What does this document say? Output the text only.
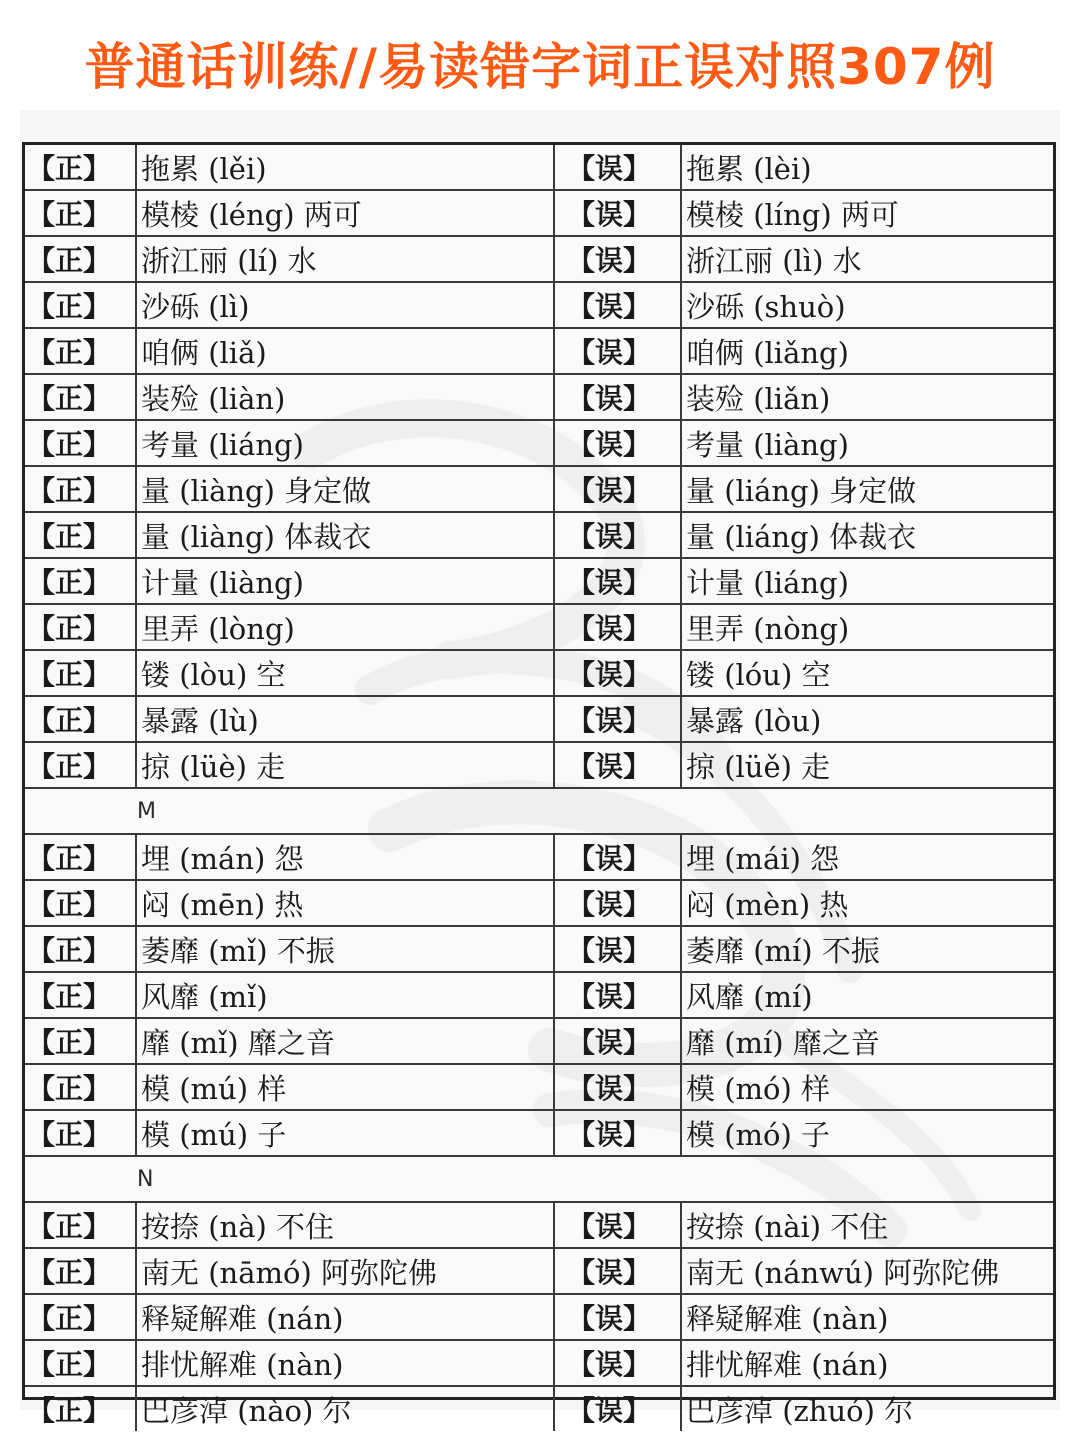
普通话训练//易读错字词正误对照307例
【正】	拖累 (lěi)	【误】	拖累 (lèi)
【正】	模棱 (léng) 两可	【误】	模棱 (líng) 两可
【正】	浙江丽 (lí) 水	【误】	浙江丽 (lì) 水
【正】	沙砾 (lì)	【误】	沙砾 (shuò)
【正】	咱俩 (liǎ)	【误】	咱俩 (liǎng)
【正】	装殓 (liàn)	【误】	装殓 (liǎn)
【正】	考量 (liáng)	【误】	考量 (liàng)
【正】	量 (liàng) 身定做	【误】	量 (liáng) 身定做
【正】	量 (liàng) 体裁衣	【误】	量 (liáng) 体裁衣
【正】	计量 (liàng)	【误】	计量 (liáng)
【正】	里弄 (lòng)	【误】	里弄 (nòng)
【正】	镂 (lòu) 空	【误】	镂 (lóu) 空
【正】	暴露 (lù)	【误】	暴露 (lòu)
【正】	掠 (lüè) 走	【误】	掠 (lüě) 走
M			
【正】	埋 (mán) 怨	【误】	埋 (mái) 怨
【正】	闷 (mēn) 热	【误】	闷 (mèn) 热
【正】	萎靡 (mǐ) 不振	【误】	萎靡 (mí) 不振
【正】	风靡 (mǐ)	【误】	风靡 (mí)
【正】	靡 (mǐ) 靡之音	【误】	靡 (mí) 靡之音
【正】	模 (mú) 样	【误】	模 (mó) 样
【正】	模 (mú) 子	【误】	模 (mó) 子
N			
【正】	按捺 (nà) 不住	【误】	按捺 (nài) 不住
【正】	南无 (nāmó) 阿弥陀佛	【误】	南无 (nánwú) 阿弥陀佛
【正】	释疑解难 (nán)	【误】	释疑解难 (nàn)
【正】	排忧解难 (nàn)	【误】	排忧解难 (nán)
【正】	巴彦淖 (nào) 尔	【误】	巴彦淖 (zhuó) 尔
